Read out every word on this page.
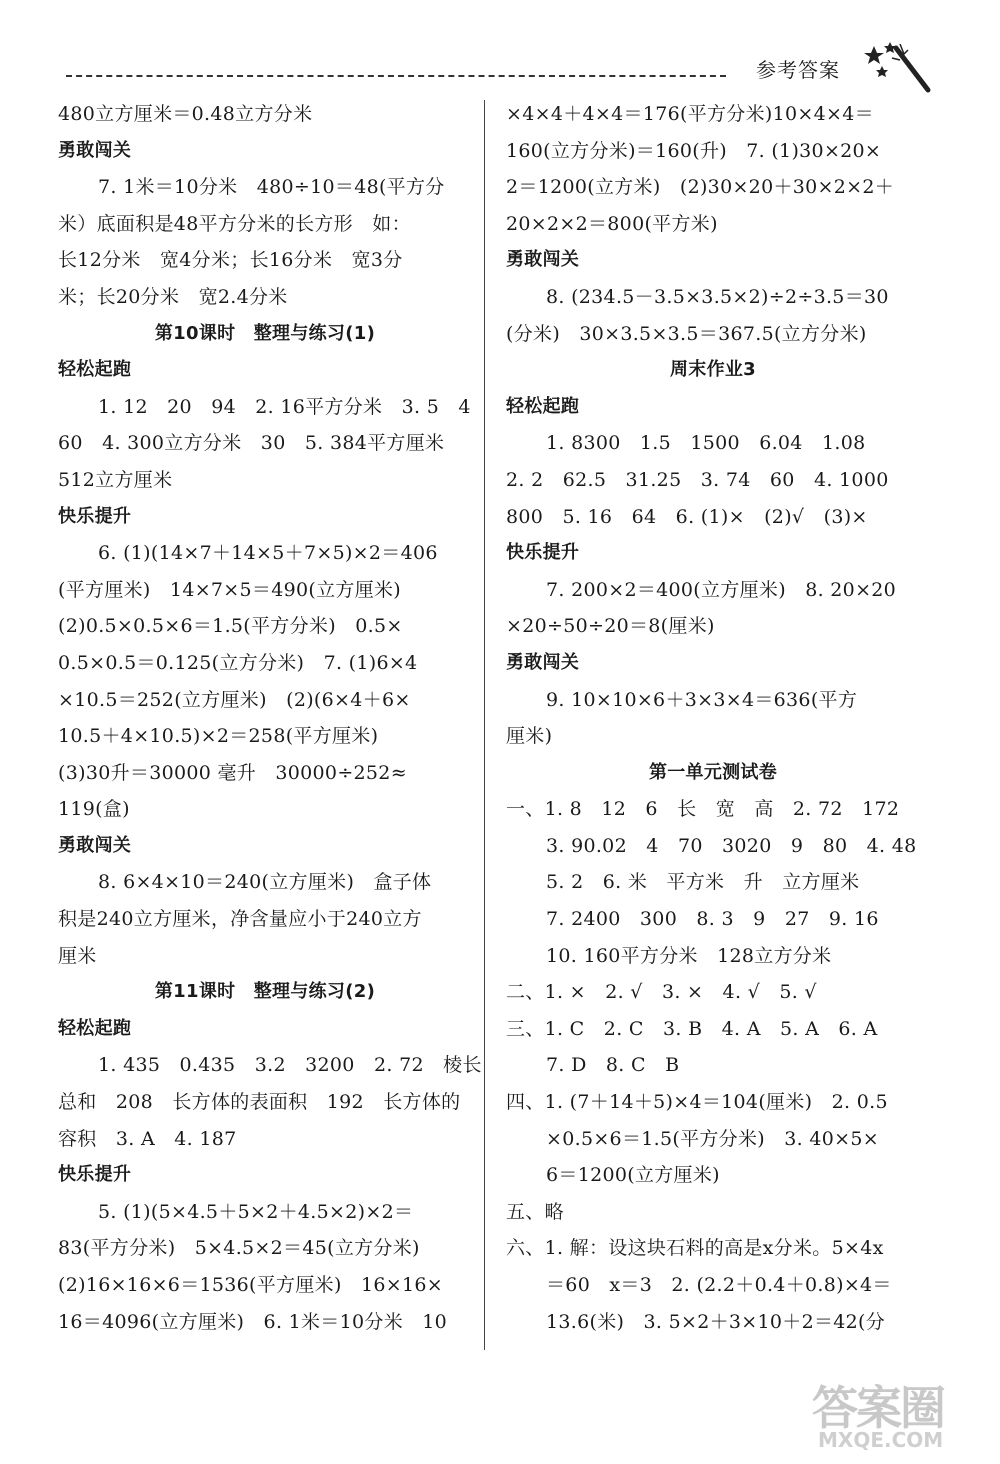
参考答案
480立方厘米＝0.48立方分米
勇敢闯关
7. 1米＝10分米　480÷10＝48(平方分
米）底面积是48平方分米的长方形　如：
长12分米　宽4分米；长16分米　宽3分
米；长20分米　宽2.4分米
第10课时　整理与练习(1)
轻松起跑
1. 12　20　94　2. 16平方分米　3. 5　4
60　4. 300立方分米　30　5. 384平方厘米
512立方厘米
快乐提升
6. (1)(14×7＋14×5＋7×5)×2＝406
(平方厘米)　14×7×5＝490(立方厘米)
(2)0.5×0.5×6＝1.5(平方分米)　0.5×
0.5×0.5＝0.125(立方分米)　7. (1)6×4
×10.5＝252(立方厘米)　(2)(6×4＋6×
10.5＋4×10.5)×2＝258(平方厘米)
(3)30升＝30000 毫升　30000÷252≈
119(盒)
勇敢闯关
8. 6×4×10＝240(立方厘米)　盒子体
积是240立方厘米，净含量应小于240立方
厘米
第11课时　整理与练习(2)
轻松起跑
1. 435　0.435　3.2　3200　2. 72　棱长
总和　208　长方体的表面积　192　长方体的
容积　3. A　4. 187
快乐提升
5. (1)(5×4.5＋5×2＋4.5×2)×2＝
83(平方分米)　5×4.5×2＝45(立方分米)
(2)16×16×6＝1536(平方厘米)　16×16×
16＝4096(立方厘米)　6. 1米＝10分米　10
×4×4＋4×4＝176(平方分米)10×4×4＝
160(立方分米)＝160(升)　7. (1)30×20×
2＝1200(立方米)　(2)30×20＋30×2×2＋
20×2×2＝800(平方米)
勇敢闯关
8. (234.5－3.5×3.5×2)÷2÷3.5＝30
(分米)　30×3.5×3.5＝367.5(立方分米)
周末作业3
轻松起跑
1. 8300　1.5　1500　6.04　1.08
2. 2　62.5　31.25　3. 74　60　4. 1000
800　5. 16　64　6. (1)×　(2)√　(3)×
快乐提升
7. 200×2＝400(立方厘米)　8. 20×20
×20÷50÷20＝8(厘米)
勇敢闯关
9. 10×10×6＋3×3×4＝636(平方
厘米)
第一单元测试卷
一、1. 8　12　6　长　宽　高　2. 72　172
3. 90.02　4　70　3020　9　80　4. 48
5. 2　6. 米　平方米　升　立方厘米
7. 2400　300　8. 3　9　27　9. 16
10. 160平方分米　128立方分米
二、1. ×　2. √　3. ×　4. √　5. √
三、1. C　2. C　3. B　4. A　5. A　6. A
7. D　8. C　B
四、1. (7＋14＋5)×4＝104(厘米)　2. 0.5
×0.5×6＝1.5(平方分米)　3. 40×5×
6＝1200(立方厘米)
五、略
六、1. 解：设这块石料的高是x分米。5×4x
＝60　x＝3　2. (2.2＋0.4＋0.8)×4＝
13.6(米)　3. 5×2＋3×10＋2＝42(分
答案圈
MXQE.COM
